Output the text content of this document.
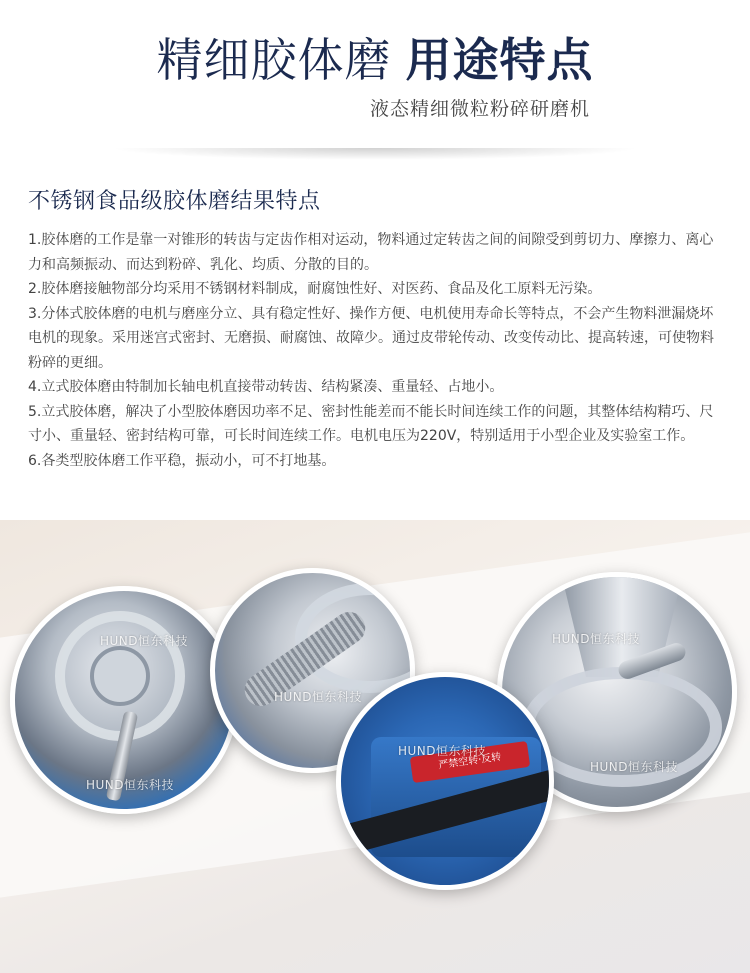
精细胶体磨 用途特点
液态精细微粒粉碎研磨机
不锈钢食品级胶体磨结果特点

1.胶体磨的工作是靠一对锥形的转齿与定齿作相对运动，物料通过定转齿之间的间隙受到剪切力、摩擦力、离心力和高频振动、而达到粉碎、乳化、均质、分散的目的。

2.胶体磨接触物部分均采用不锈钢材料制成，耐腐蚀性好、对医药、食品及化工原料无污染。

3.分体式胶体磨的电机与磨座分立、具有稳定性好、操作方便、电机使用寿命长等特点，不会产生物料泄漏烧坏电机的现象。采用迷宫式密封、无磨损、耐腐蚀、故障少。通过皮带轮传动、改变传动比、提高转速，可使物料粉碎的更细。

4.立式胶体磨由特制加长轴电机直接带动转齿、结构紧凑、重量轻、占地小。

5.立式胶体磨，解决了小型胶体磨因功率不足、密封性能差而不能长时间连续工作的问题，其整体结构精巧、尺寸小、重量轻、密封结构可靠，可长时间连续工作。电机电压为220V，特别适用于小型企业及实验室工作。

6.各类型胶体磨工作平稳，振动小，可不打地基。

严禁空转·反转
HUND恒东科技
HUND恒东科技
HUND恒东科技
HUND恒东科技
HUND恒东科技
HUND恒东科技
